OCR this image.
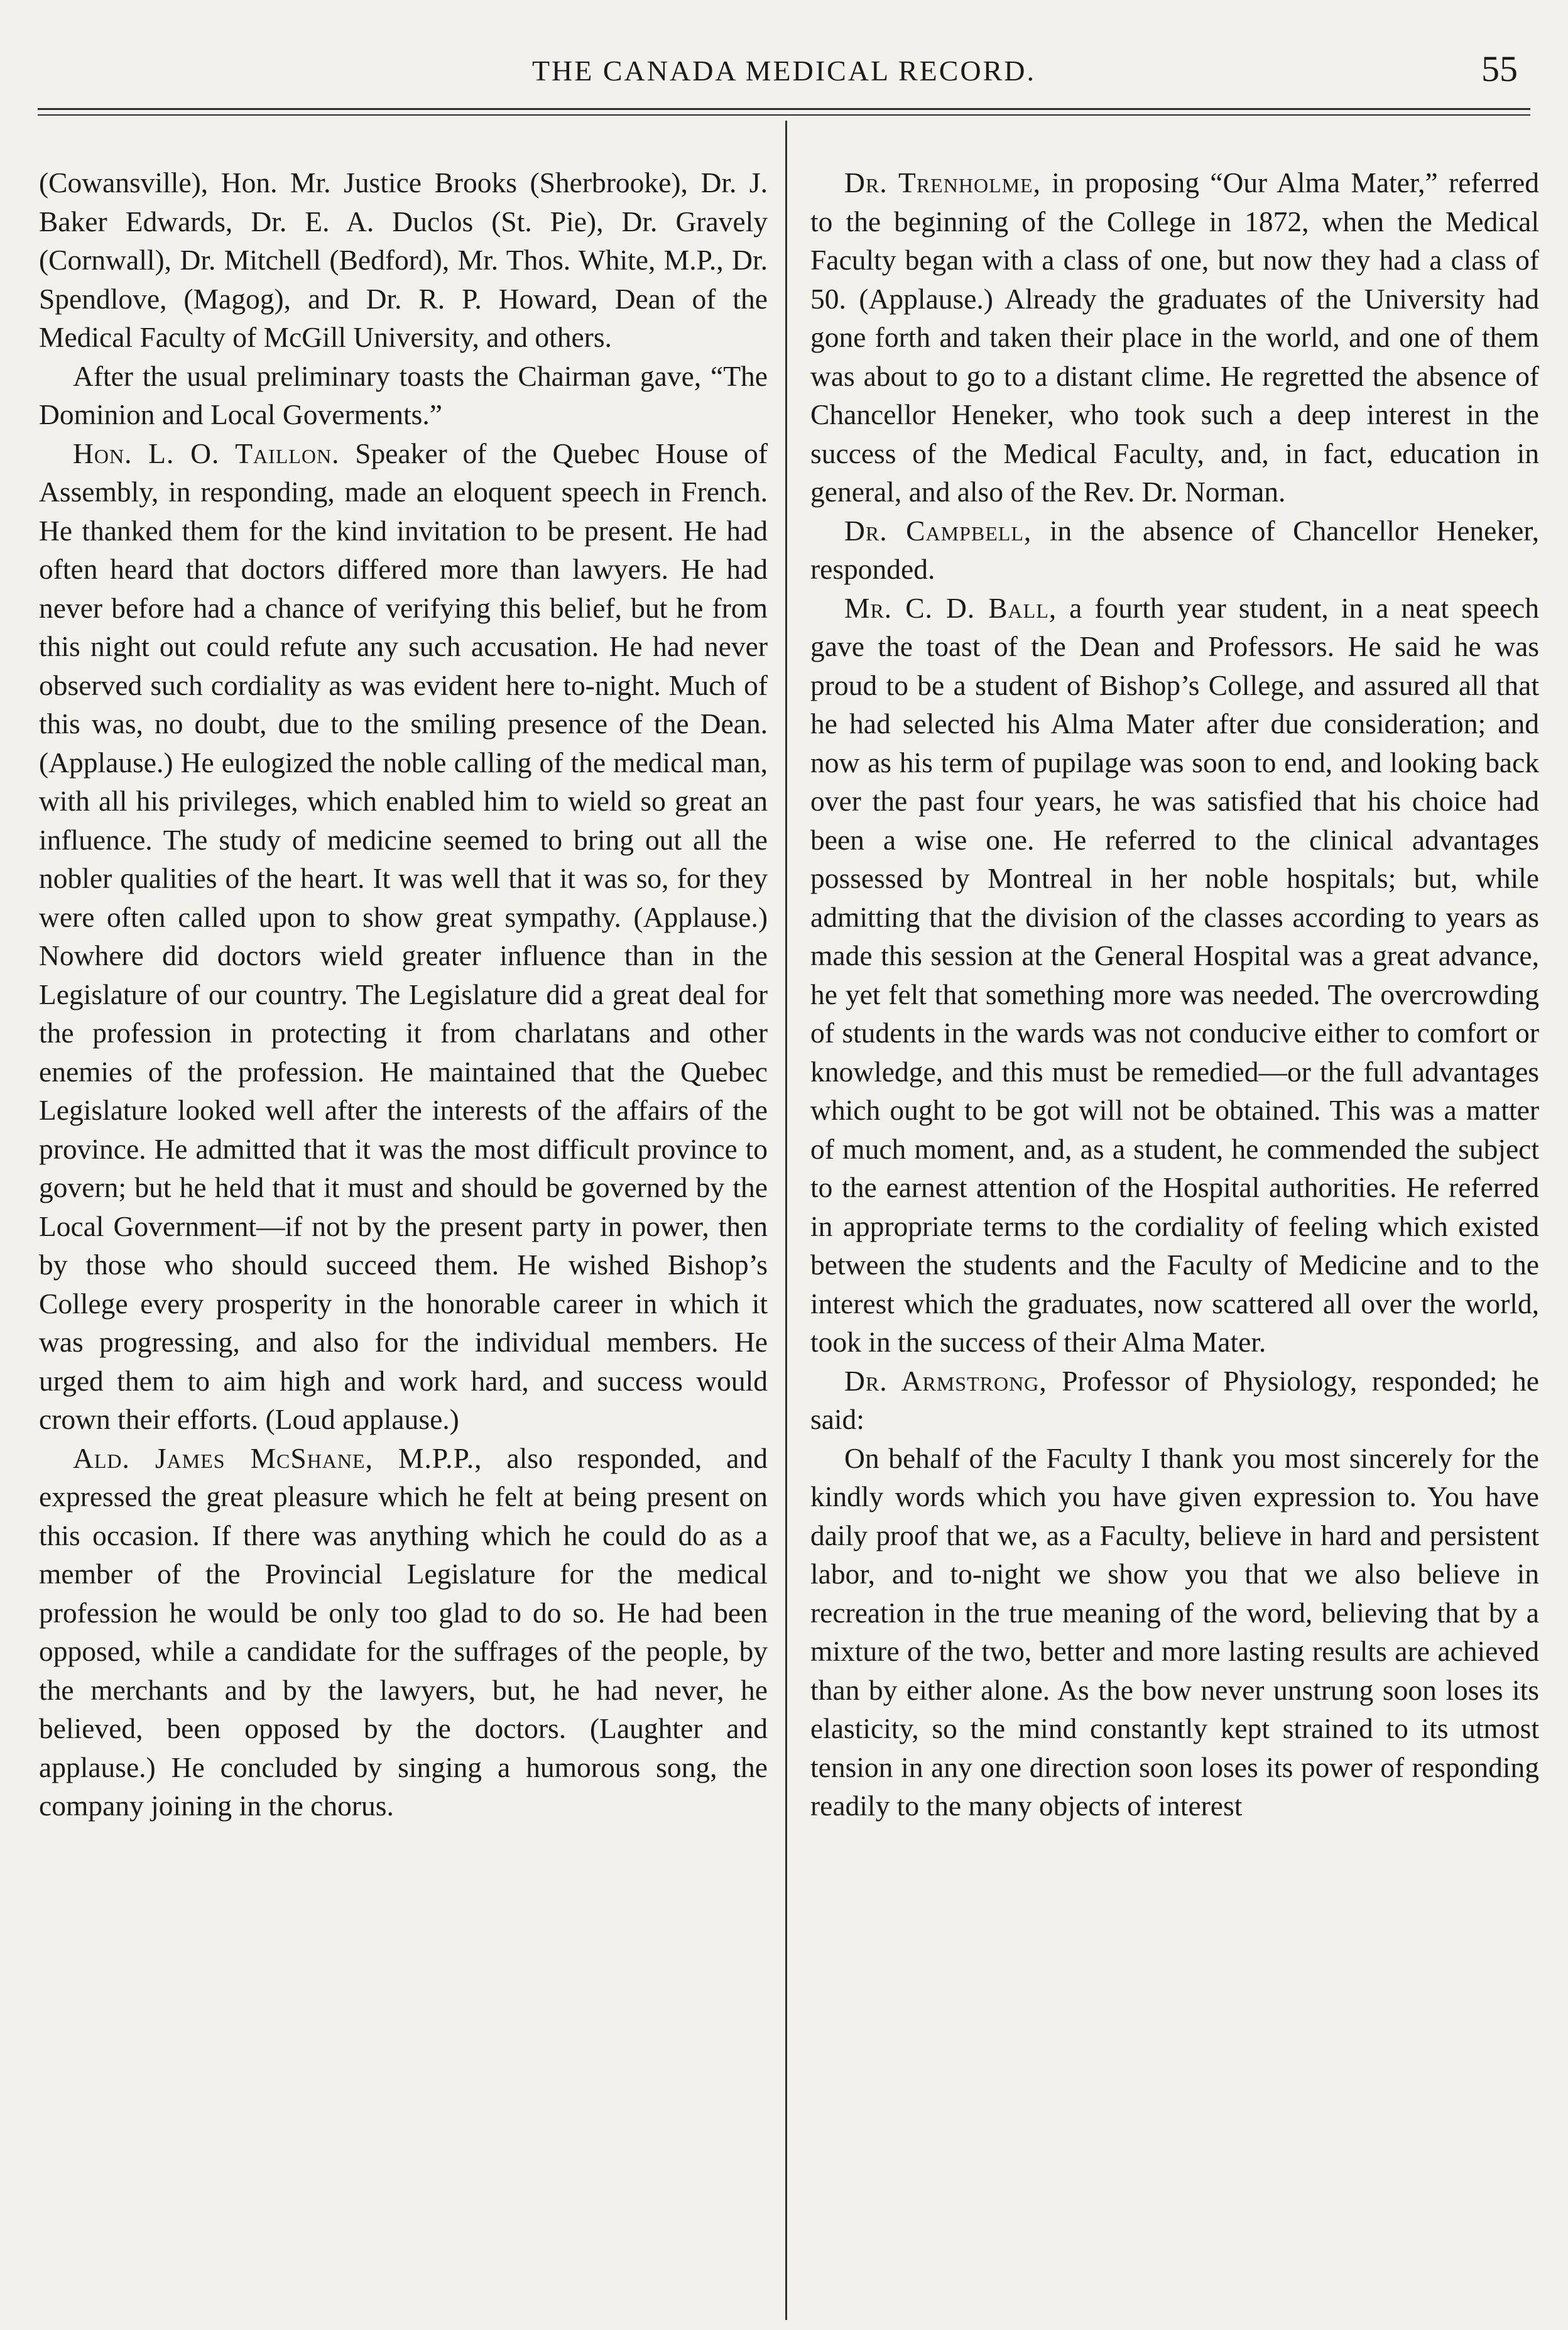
THE CANADA MEDICAL RECORD.	55

(Cowansville), Hon. Mr. Justice Brooks (Sherbrooke), Dr. J. Baker Edwards, Dr. E. A. Duclos (St. Pie), Dr. Gravely (Cornwall), Dr. Mitchell (Bedford), Mr. Thos. White, M.P., Dr. Spendlove, (Magog), and Dr. R. P. Howard, Dean of the Medical Faculty of McGill University, and others.

After the usual preliminary toasts the Chairman gave, “The Dominion and Local Goverments.”

Hon. L. O. Taillon. Speaker of the Quebec House of Assembly, in responding, made an eloquent speech in French. He thanked them for the kind invitation to be present. He had often heard that doctors differed more than lawyers. He had never before had a chance of verifying this belief, but he from this night out could refute any such accusation. He had never observed such cordiality as was evident here to-night. Much of this was, no doubt, due to the smiling presence of the Dean. (Applause.) He eulogized the noble calling of the medical man, with all his privileges, which enabled him to wield so great an influence. The study of medicine seemed to bring out all the nobler qualities of the heart. It was well that it was so, for they were often called upon to show great sympathy. (Applause.) Nowhere did doctors wield greater influence than in the Legislature of our country. The Legislature did a great deal for the profession in protecting it from charlatans and other enemies of the profession. He maintained that the Quebec Legislature looked well after the interests of the affairs of the province. He admitted that it was the most difficult province to govern; but he held that it must and should be governed by the Local Government—if not by the present party in power, then by those who should succeed them. He wished Bishop’s College every prosperity in the honorable career in which it was progressing, and also for the individual members. He urged them to aim high and work hard, and success would crown their efforts. (Loud applause.)

Ald. James McShane, M.P.P., also responded, and expressed the great pleasure which he felt at being present on this occasion. If there was anything which he could do as a member of the Provincial Legislature for the medical profession he would be only too glad to do so. He had been opposed, while a candidate for the suffrages of the people, by the merchants and by the lawyers, but, he had never, he believed, been opposed by the doctors. (Laughter and applause.) He concluded by singing a humorous song, the company joining in the chorus.

Dr. Trenholme, in proposing “Our Alma Mater,” referred to the beginning of the College in 1872, when the Medical Faculty began with a class of one, but now they had a class of 50. (Applause.) Already the graduates of the University had gone forth and taken their place in the world, and one of them was about to go to a distant clime. He regretted the absence of Chancellor Heneker, who took such a deep interest in the success of the Medical Faculty, and, in fact, education in general, and also of the Rev. Dr. Norman.

Dr. Campbell, in the absence of Chancellor Heneker, responded.

Mr. C. D. Ball, a fourth year student, in a neat speech gave the toast of the Dean and Professors. He said he was proud to be a student of Bishop’s College, and assured all that he had selected his Alma Mater after due consideration; and now as his term of pupilage was soon to end, and looking back over the past four years, he was satisfied that his choice had been a wise one. He referred to the clinical advantages possessed by Montreal in her noble hospitals; but, while admitting that the division of the classes according to years as made this session at the General Hospital was a great advance, he yet felt that something more was needed. The overcrowding of students in the wards was not conducive either to comfort or knowledge, and this must be remedied—or the full advantages which ought to be got will not be obtained. This was a matter of much moment, and, as a student, he commended the subject to the earnest attention of the Hospital authorities. He referred in appropriate terms to the cordiality of feeling which existed between the students and the Faculty of Medicine and to the interest which the graduates, now scattered all over the world, took in the success of their Alma Mater.

Dr. Armstrong, Professor of Physiology, responded; he said:

On behalf of the Faculty I thank you most sincerely for the kindly words which you have given expression to. You have daily proof that we, as a Faculty, believe in hard and persistent labor, and to-night we show you that we also believe in recreation in the true meaning of the word, believing that by a mixture of the two, better and more lasting results are achieved than by either alone. As the bow never unstrung soon loses its elasticity, so the mind constantly kept strained to its utmost tension in any one direction soon loses its power of responding readily to the many objects of interest
